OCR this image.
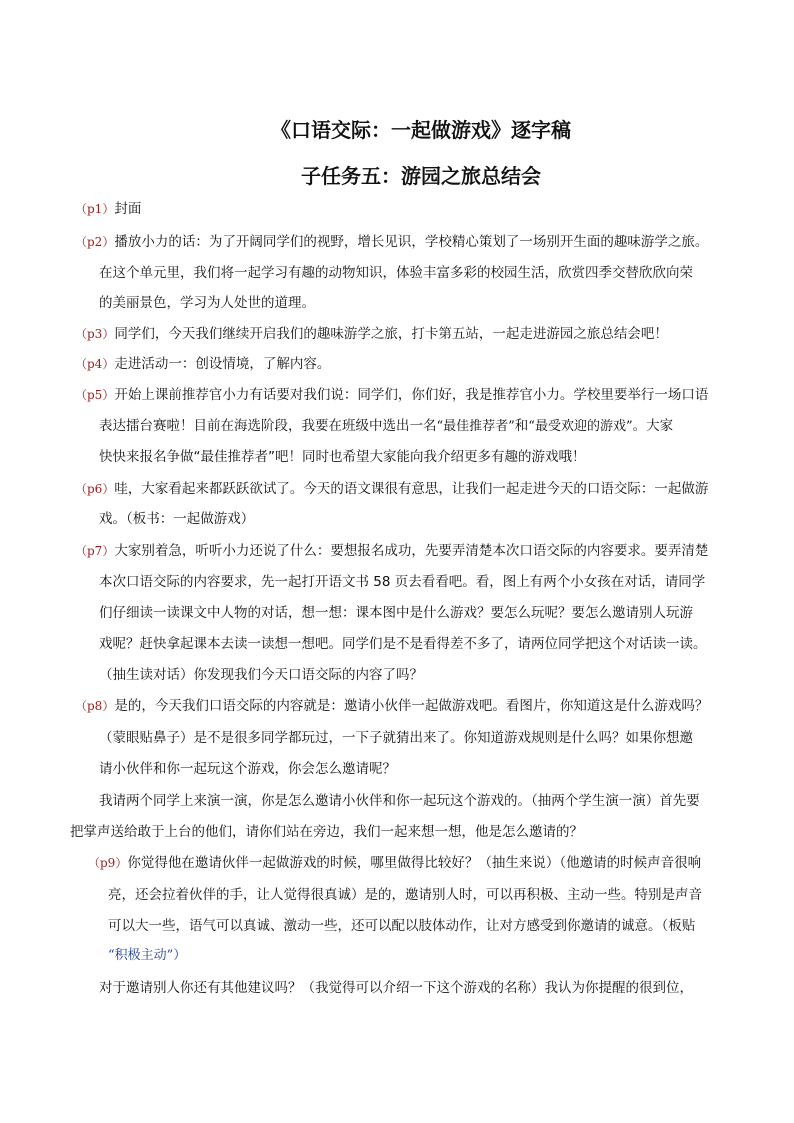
《口语交际：一起做游戏》逐字稿
子任务五：游园之旅总结会
（p1）封面
（p2）播放小力的话：为了开阔同学们的视野，增长见识，学校精心策划了一场别开生面的趣味游学之旅。
在这个单元里，我们将一起学习有趣的动物知识，体验丰富多彩的校园生活，欣赏四季交替欣欣向荣
的美丽景色，学习为人处世的道理。
（p3）同学们，今天我们继续开启我们的趣味游学之旅，打卡第五站，一起走进游园之旅总结会吧！
（p4）走进活动一：创设情境，了解内容。
（p5）开始上课前推荐官小力有话要对我们说：同学们，你们好，我是推荐官小力。学校里要举行一场口语
表达擂台赛啦！目前在海选阶段，我要在班级中选出一名“最佳推荐者”和“最受欢迎的游戏”。大家
快快来报名争做“最佳推荐者”吧！同时也希望大家能向我介绍更多有趣的游戏哦！
（p6）哇，大家看起来都跃跃欲试了。今天的语文课很有意思，让我们一起走进今天的口语交际：一起做游
戏。（板书：一起做游戏）
（p7）大家别着急，听听小力还说了什么：要想报名成功，先要弄清楚本次口语交际的内容要求。要弄清楚
本次口语交际的内容要求，先一起打开语文书 58 页去看看吧。看，图上有两个小女孩在对话，请同学
们仔细读一读课文中人物的对话，想一想：课本图中是什么游戏？要怎么玩呢？要怎么邀请别人玩游
戏呢？赶快拿起课本去读一读想一想吧。同学们是不是看得差不多了，请两位同学把这个对话读一读。
（抽生读对话）你发现我们今天口语交际的内容了吗？
（p8）是的，今天我们口语交际的内容就是：邀请小伙伴一起做游戏吧。看图片，你知道这是什么游戏吗？
（蒙眼贴鼻子）是不是很多同学都玩过，一下子就猜出来了。你知道游戏规则是什么吗？如果你想邀
请小伙伴和你一起玩这个游戏，你会怎么邀请呢？
我请两个同学上来演一演，你是怎么邀请小伙伴和你一起玩这个游戏的。（抽两个学生演一演）首先要
把掌声送给敢于上台的他们，请你们站在旁边，我们一起来想一想，他是怎么邀请的？
（p9）你觉得他在邀请伙伴一起做游戏的时候，哪里做得比较好？（抽生来说）（他邀请的时候声音很响
亮，还会拉着伙伴的手，让人觉得很真诚）是的，邀请别人时，可以再积极、主动一些。特别是声音
可以大一些，语气可以真诚、激动一些，还可以配以肢体动作，让对方感受到你邀请的诚意。（板贴
“积极主动”）
对于邀请别人你还有其他建议吗？（我觉得可以介绍一下这个游戏的名称）我认为你提醒的很到位，
